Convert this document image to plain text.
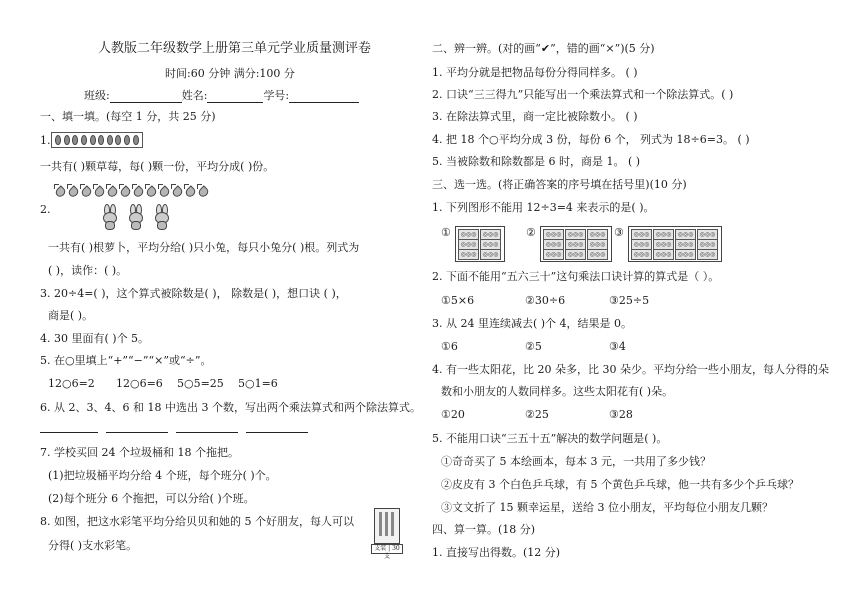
人教版二年级数学上册第三单元学业质量测评卷
时间:60 分钟 满分:100 分
班级:	姓名:	学号:
一、填一填。(每空 1 分，共 25 分)
1.
一共有( )颗草莓，每( )颗一份，平均分成( )份。
2.
一共有( )根萝卜，平均分给( )只小兔，每只小兔分( )根。列式为
( )，读作：( )。
3. 20÷4=( )，这个算式被除数是( )， 除数是( )，想口诀 ( )，
商是( )。
4. 30 里面有( )个 5。
5. 在○里填上“+”“−”“×”或“÷”。
12○6=2 12○6=6 5○5=25 5○1=6
6. 从 2、3、4、6 和 18 中选出 3 个数，写出两个乘法算式和两个除法算式。
7. 学校买回 24 个垃圾桶和 18 个拖把。
(1)把垃圾桶平均分给 4 个班，每个班分( )个。
(2)每个班分 6 个拖把，可以分给( )个班。
8. 如图，把这水彩笔平均分给贝贝和她的 5 个好朋友，每人可以
分得( )支水彩笔。	支装 | 30 支
二、辨一辨。(对的画“✔”，错的画“×”)(5 分)
1. 平均分就是把物品每份分得同样多。 ( )
2. 口诀“三三得九”只能写出一个乘法算式和一个除法算式。( )
3. 在除法算式里，商一定比被除数小。 ( )
4. 把 18 个○平均分成 3 份，每份 6 个， 列式为 18÷6=3。 ( )
5. 当被除数和除数都是 6 时，商是 1。 ( )
三、选一选。(将正确答案的序号填在括号里)(10 分)
1. 下列图形不能用 12÷3=4 来表示的是( )。
①	◎◎◎	◎◎◎
◎◎◎	◎◎◎
◎◎◎	◎◎◎
②	◎◎◎	◎◎◎	◎◎◎
◎◎◎	◎◎◎	◎◎◎
◎◎◎	◎◎◎	◎◎◎
③	◎◎◎	◎◎◎	◎◎◎	◎◎◎
◎◎◎	◎◎◎	◎◎◎	◎◎◎
◎◎◎	◎◎◎	◎◎◎	◎◎◎
2. 下面不能用“五六三十”这句乘法口诀计算的算式是（ ）。
①5×6	②30÷6	③25÷5
3. 从 24 里连续减去( )个 4，结果是 0。
①6	②5	③4
4. 有一些太阳花，比 20 朵多，比 30 朵少。平均分给一些小朋友，每人分得的朵
数和小朋友的人数同样多。这些太阳花有( )朵。
①20	②25	③28
5. 不能用口诀“三五十五”解决的数学问题是( )。
①奇奇买了 5 本绘画本，每本 3 元，一共用了多少钱？
②皮皮有 3 个白色乒乓球，有 5 个黄色乒乓球，他一共有多少个乒乓球？
③文文折了 15 颗幸运星，送给 3 位小朋友，平均每位小朋友几颗？
四、算一算。(18 分)
1. 直接写出得数。(12 分)
